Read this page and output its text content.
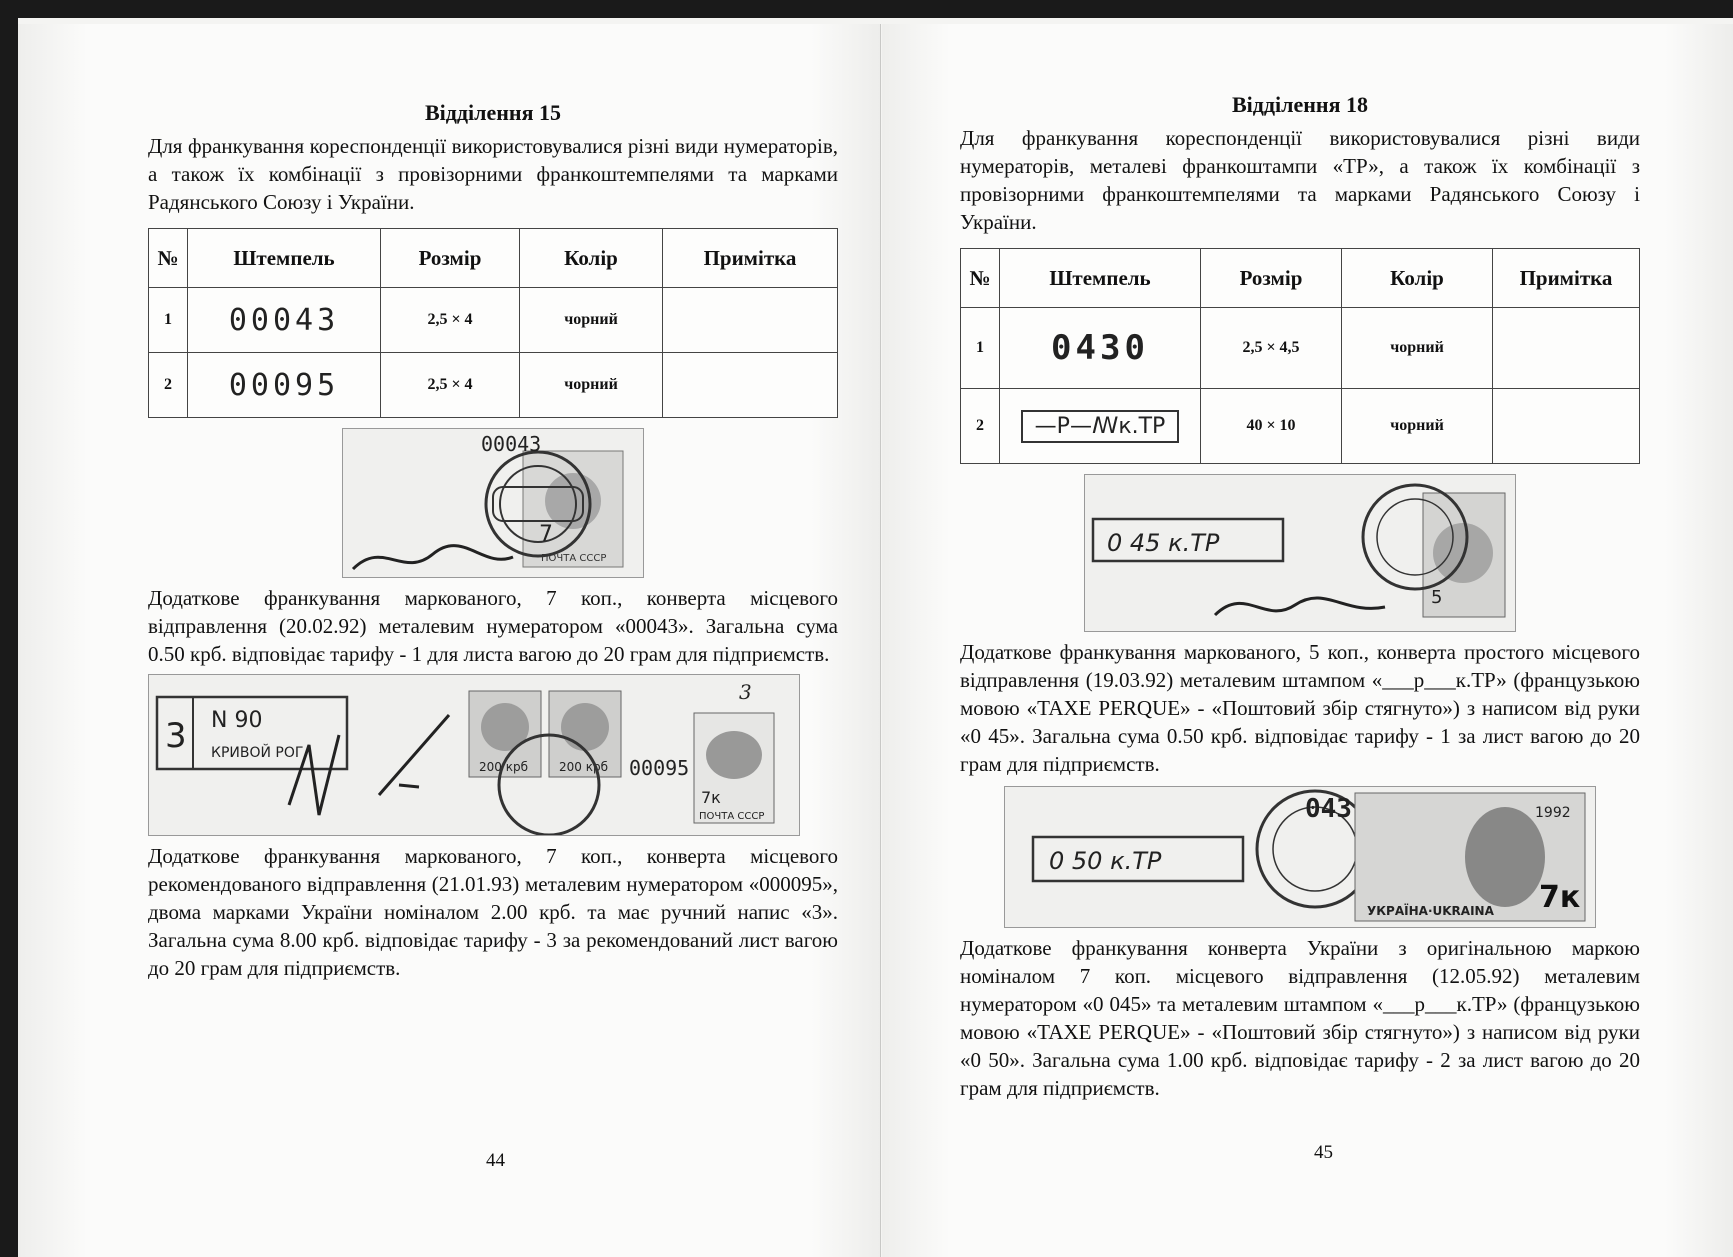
Відділення 15

Для франкування кореспонденції використовувалися різні види нумераторів, а також їх комбінації з провізорними франкоштемпелями та марками Радянського Союзу і України.

№	Штемпель	Розмір	Колір	Примітка
1	00043	2,5 × 4	чорний	
2	00095	2,5 × 4	чорний	
00043
7
ПОЧТА СССР

Додаткове франкування маркованого, 7 коп., конверта місцевого відправлення (20.02.92) металевим нумератором «00043». Загальна сума 0.50 крб. відповідає тарифу - 1 для листа вагою до 20 грам для підприємств.

3 N 90
КРИВОЙ РОГ
200 крб	200 крб 00095
3
7к
ПОЧТА СССР

Додаткове франкування маркованого, 7 коп., конверта місцевого рекомендованого відправлення (21.01.93) металевим нумератором «000095», двома марками України номіналом 2.00 крб. та має ручний напис «3». Загальна сума 8.00 крб. відповідає тарифу - 3 за рекомендований лист вагою до 20 грам для підприємств.

44
Відділення 18

Для франкування кореспонденції використовувалися різні види нумераторів, металеві франкоштампи «ТР», а також їх комбінації з провізорними франкоштемпелями та марками Радянського Союзу і України.

№	Штемпель	Розмір	Колір	Примітка
1	0430	2,5 × 4,5	чорний	
2	—Р—ꟿк.ТР	40 × 10	чорний	
0 45 к.ТР
5

Додаткове франкування маркованого, 5 коп., конверта простого місцевого відправлення (19.03.92) металевим штампом «___р___к.ТР» (французькою мовою «TAXE PERQUE» - «Поштовий збір стягнуто») з написом від руки «0 45». Загальна сума 0.50 крб. відповідає тарифу - 1 за лист вагою до 20 грам для підприємств.

0 50 к.ТР
043	1992
7к
УКРАЇНА·UKRAINA

Додаткове франкування конверта України з оригінальною маркою номіналом 7 коп. місцевого відправлення (12.05.92) металевим нумератором «0 045» та металевим штампом «___р___к.ТР» (французькою мовою «TAXE PERQUE» - «Поштовий збір стягнуто») з написом від руки «0 50». Загальна сума 1.00 крб. відповідає тарифу - 2 за лист вагою до 20 грам для підприємств.

45
